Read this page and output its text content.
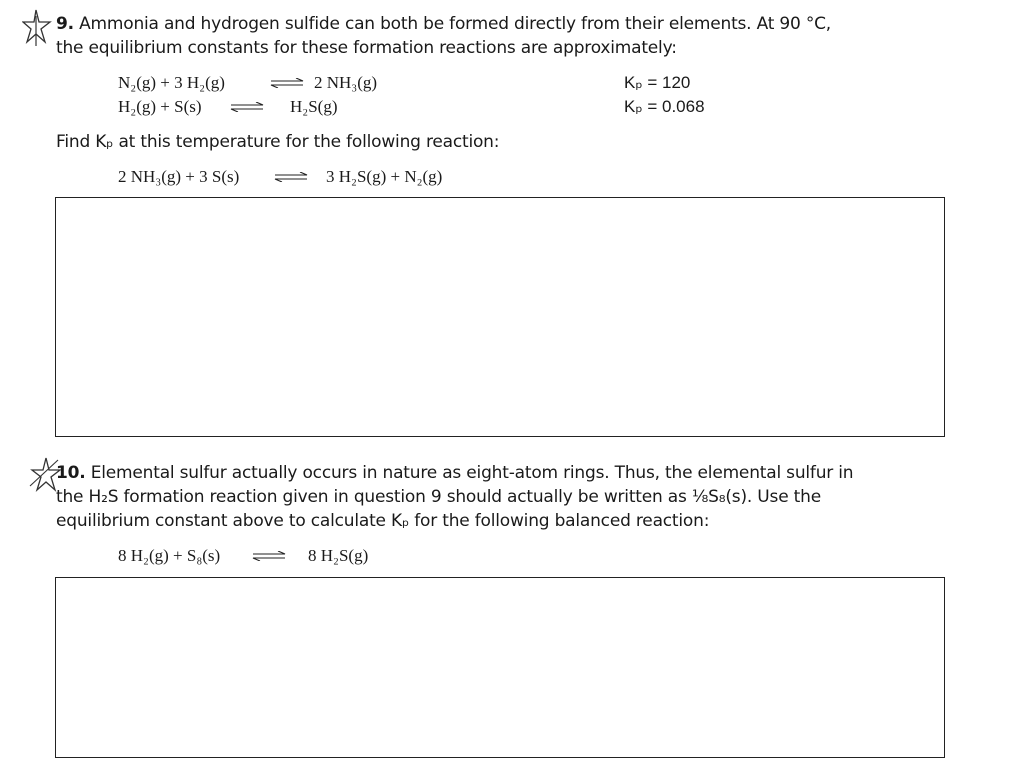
9. Ammonia and hydrogen sulfide can both be formed directly from their elements. At 90 °C,
the equilibrium constants for these formation reactions are approximately:
N₂(g) + 3 H₂(g)	⇌ 2 NH₃(g)	Kₚ = 120
H₂(g) + S(s)	H₂S(g)	Kₚ = 0.068
Find Kₚ at this temperature for the following reaction:
2 NH₃(g) + 3 S(s) ⇌ 3 H₂S(g) + N₂(g)
10. Elemental sulfur actually occurs in nature as eight-atom rings. Thus, the elemental sulfur in
the H₂S formation reaction given in question 9 should actually be written as ⅛S₈(s). Use the
equilibrium constant above to calculate Kₚ for the following balanced reaction:
8 H₂(g) + S₈(s) ⇌ 8 H₂S(g)
